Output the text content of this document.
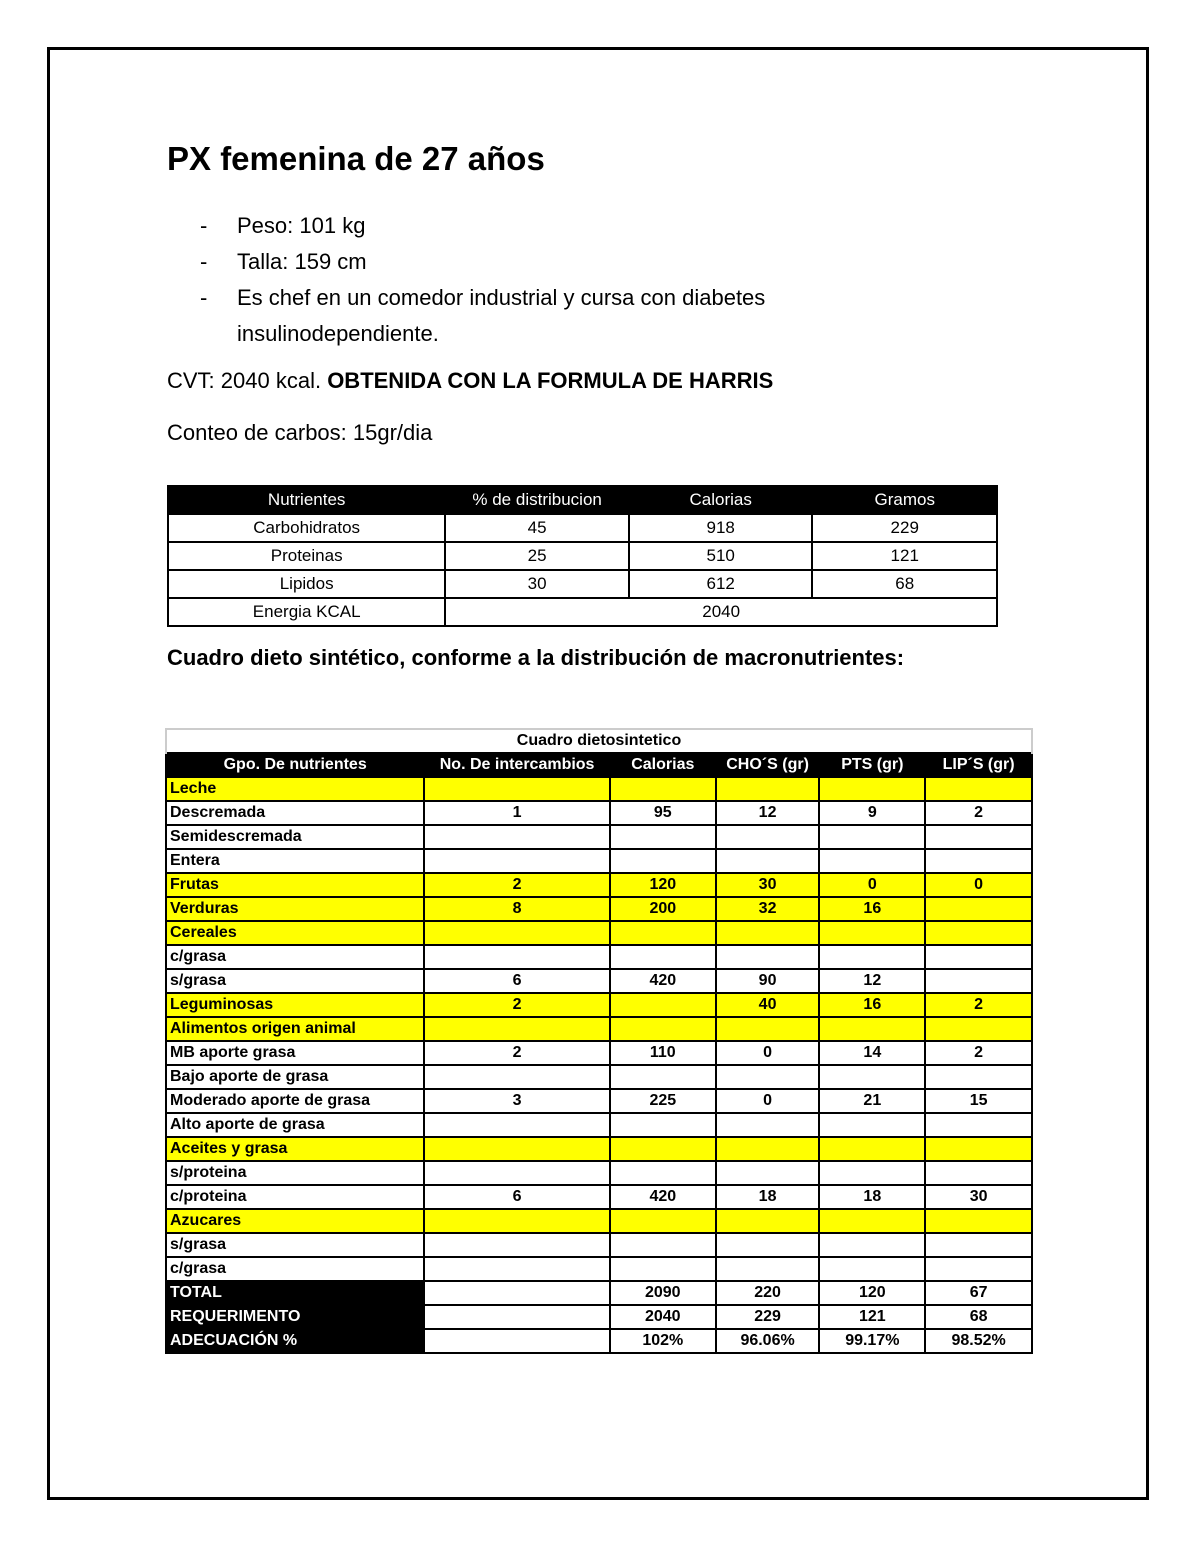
PX femenina de 27 años
- Peso: 101 kg
- Talla: 159 cm
- Es chef en un comedor industrial y cursa con diabetes insulinodependiente.

CVT: 2040 kcal. OBTENIDA CON LA FORMULA DE HARRIS

Conteo de carbos: 15gr/dia

Nutrientes	% de distribucion	Calorias	Gramos
Carbohidratos	45	918	229
Proteinas	25	510	121
Lipidos	30	612	68
Energia KCAL	2040		

Cuadro dieto sintético, conforme a la distribución de macronutrientes:

Cuadro dietosintetico					
Gpo. De nutrientes	No. De intercambios	Calorias	CHO´S (gr)	PTS (gr)	LIP´S (gr)
Leche					
Descremada	1	95	12	9	2
Semidescremada					
Entera					
Frutas	2	120	30	0	0
Verduras	8	200	32	16	
Cereales					
c/grasa					
s/grasa	6	420	90	12	
Leguminosas	2		40	16	2
Alimentos origen animal					
MB aporte grasa	2	110	0	14	2
Bajo aporte de grasa					
Moderado aporte de grasa	3	225	0	21	15
Alto aporte de grasa					
Aceites y grasa					
s/proteina					
c/proteina	6	420	18	18	30
Azucares					
s/grasa					
c/grasa					
TOTAL		2090	220	120	67
REQUERIMENTO		2040	229	121	68
ADECUACIÓN %		102%	96.06%	99.17%	98.52%
